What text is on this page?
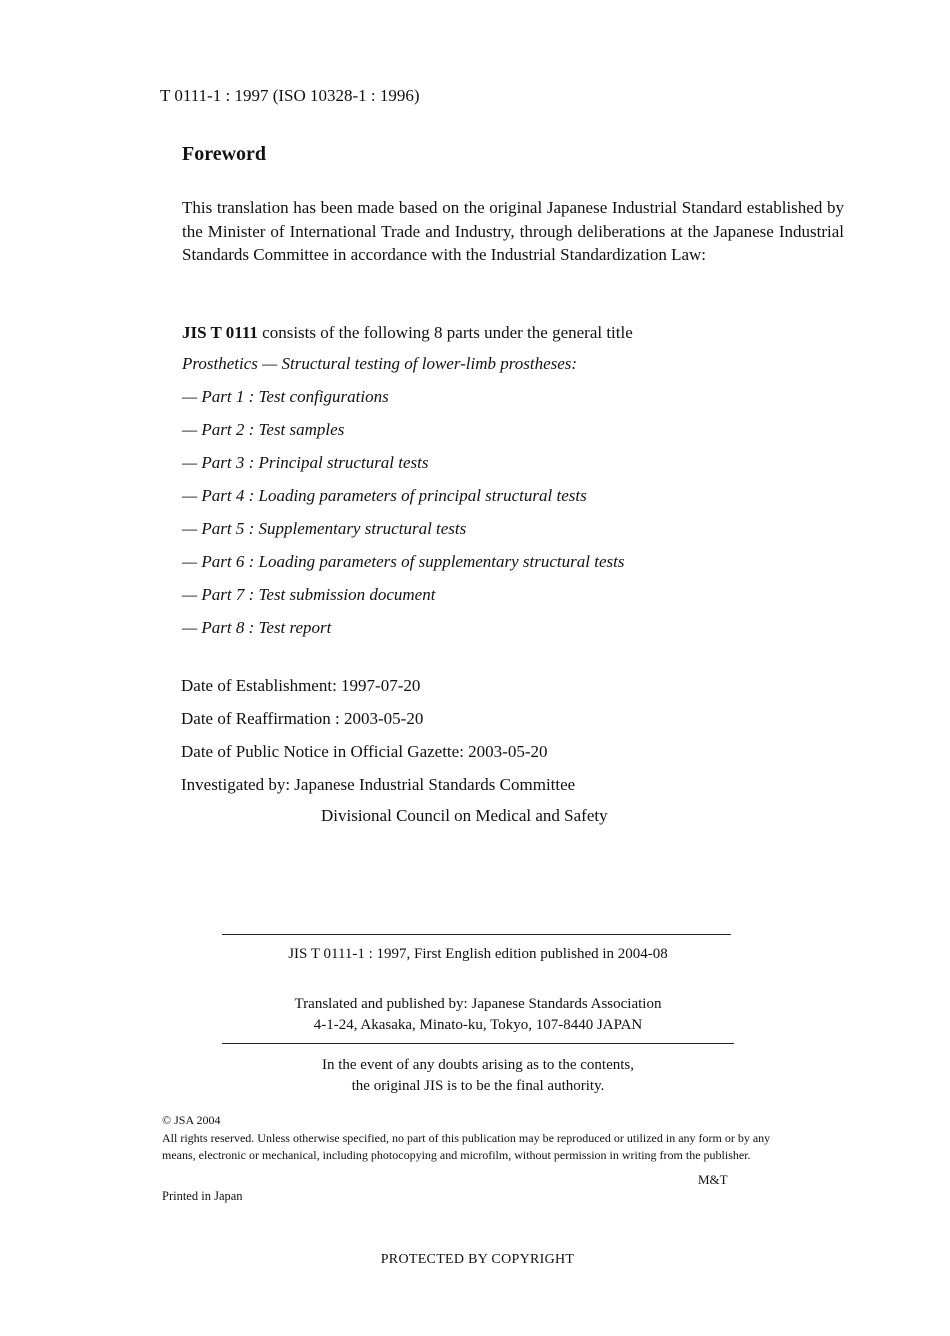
T 0111-1 : 1997 (ISO 10328-1 : 1996)
Foreword
This translation has been made based on the original Japanese Industrial Standard established by the Minister of International Trade and Industry, through deliberations at the Japanese Industrial Standards Committee in accordance with the Industrial Standardization Law:
JIS T 0111 consists of the following 8 parts under the general title
Prosthetics — Structural testing of lower-limb prostheses:
— Part 1 : Test configurations
— Part 2 : Test samples
— Part 3 : Principal structural tests
— Part 4 : Loading parameters of principal structural tests
— Part 5 : Supplementary structural tests
— Part 6 : Loading parameters of supplementary structural tests
— Part 7 : Test submission document
— Part 8 : Test report
Date of Establishment: 1997-07-20
Date of Reaffirmation : 2003-05-20
Date of Public Notice in Official Gazette: 2003-05-20
Investigated by: Japanese Industrial Standards Committee
Divisional Council on Medical and Safety
JIS T 0111-1 : 1997, First English edition published in 2004-08
Translated and published by: Japanese Standards Association
4-1-24, Akasaka, Minato-ku, Tokyo, 107-8440 JAPAN
In the event of any doubts arising as to the contents,
the original JIS is to be the final authority.
© JSA 2004
All rights reserved. Unless otherwise specified, no part of this publication may be reproduced or utilized in any form or by any means, electronic or mechanical, including photocopying and microfilm, without permission in writing from the publisher.
M&T
Printed in Japan
PROTECTED BY COPYRIGHT
